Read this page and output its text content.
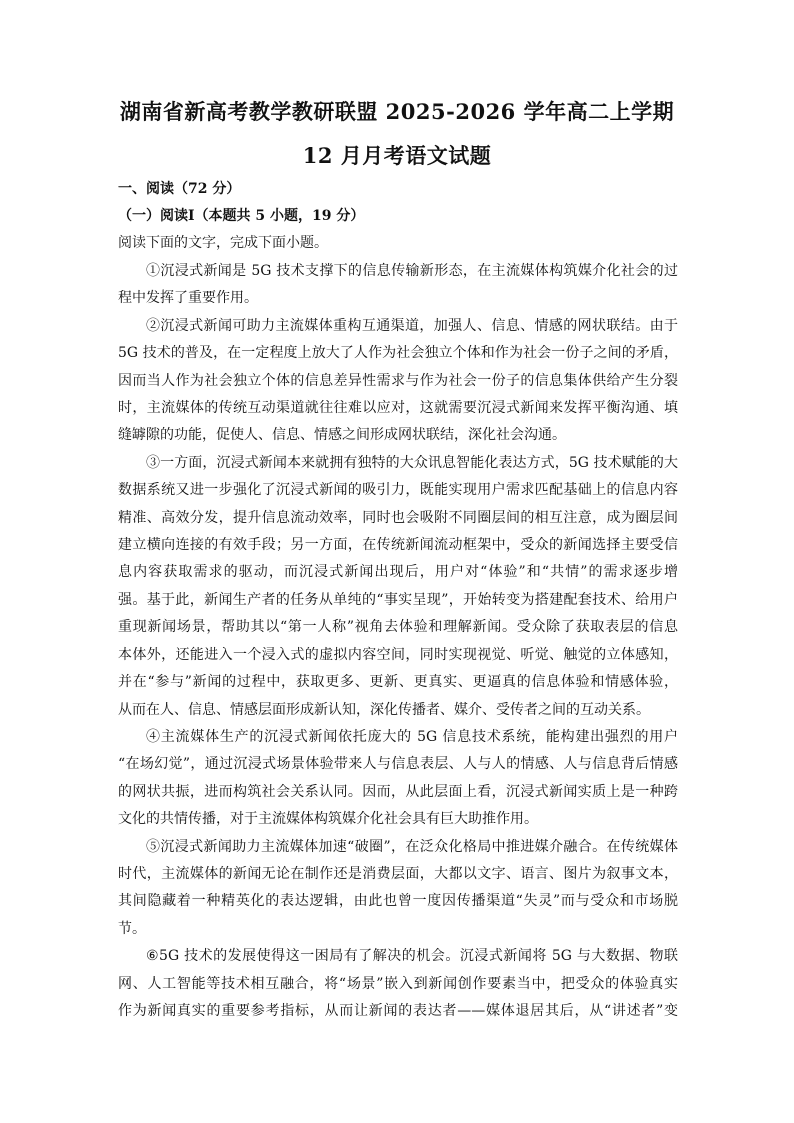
湖南省新高考教学教研联盟 2025-2026 学年高二上学期
12 月月考语文试题
一、阅读（72 分）
（一）阅读Ⅰ（本题共 5 小题，19 分）
阅读下面的文字，完成下面小题。
①沉浸式新闻是 5G 技术支撑下的信息传输新形态，在主流媒体构筑媒介化社会的过
程中发挥了重要作用。
②沉浸式新闻可助力主流媒体重构互通渠道，加强人、信息、情感的网状联结。由于
5G 技术的普及，在一定程度上放大了人作为社会独立个体和作为社会一份子之间的矛盾，
因而当人作为社会独立个体的信息差异性需求与作为社会一份子的信息集体供给产生分裂
时，主流媒体的传统互动渠道就往往难以应对，这就需要沉浸式新闻来发挥平衡沟通、填
缝罅隙的功能，促使人、信息、情感之间形成网状联结，深化社会沟通。
③一方面，沉浸式新闻本来就拥有独特的大众讯息智能化表达方式，5G 技术赋能的大
数据系统又进一步强化了沉浸式新闻的吸引力，既能实现用户需求匹配基础上的信息内容
精准、高效分发，提升信息流动效率，同时也会吸附不同圈层间的相互注意，成为圈层间
建立横向连接的有效手段；另一方面，在传统新闻流动框架中，受众的新闻选择主要受信
息内容获取需求的驱动，而沉浸式新闻出现后，用户对“体验”和“共情”的需求逐步增
强。基于此，新闻生产者的任务从单纯的“事实呈现”，开始转变为搭建配套技术、给用户
重现新闻场景，帮助其以“第一人称”视角去体验和理解新闻。受众除了获取表层的信息
本体外，还能进入一个浸入式的虚拟内容空间，同时实现视觉、听觉、触觉的立体感知，
并在“参与”新闻的过程中，获取更多、更新、更真实、更逼真的信息体验和情感体验，
从而在人、信息、情感层面形成新认知，深化传播者、媒介、受传者之间的互动关系。
④主流媒体生产的沉浸式新闻依托庞大的 5G 信息技术系统，能构建出强烈的用户
“在场幻觉”，通过沉浸式场景体验带来人与信息表层、人与人的情感、人与信息背后情感
的网状共振，进而构筑社会关系认同。因而，从此层面上看，沉浸式新闻实质上是一种跨
文化的共情传播，对于主流媒体构筑媒介化社会具有巨大助推作用。
⑤沉浸式新闻助力主流媒体加速“破圈”，在泛众化格局中推进媒介融合。在传统媒体
时代，主流媒体的新闻无论在制作还是消费层面，大都以文字、语言、图片为叙事文本，
其间隐藏着一种精英化的表达逻辑，由此也曾一度因传播渠道“失灵”而与受众和市场脱
节。
⑥5G 技术的发展使得这一困局有了解决的机会。沉浸式新闻将 5G 与大数据、物联
网、人工智能等技术相互融合，将“场景”嵌入到新闻创作要素当中，把受众的体验真实
作为新闻真实的重要参考指标，从而让新闻的表达者——媒体退居其后，从“讲述者”变
